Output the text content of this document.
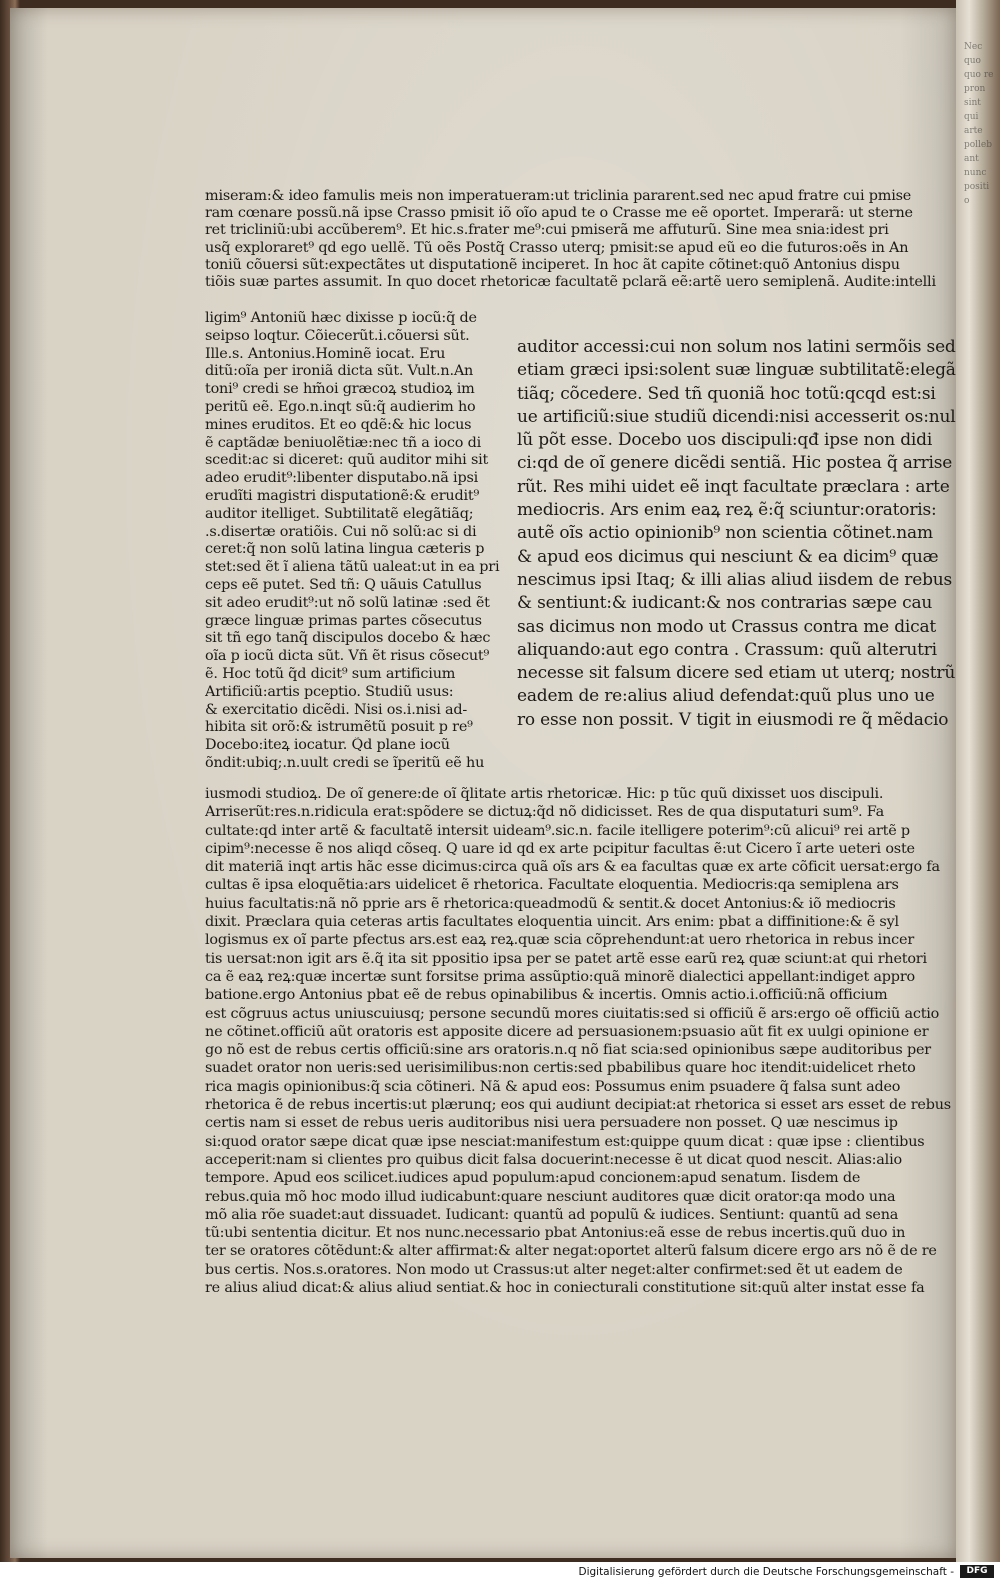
Nec quo quo re pron sint qui arte pollebant nunc positio
miseram:& ideo famulis meis non imperatueram:ut triclinia pararent.sed nec apud fratre cui pmise
ram cœnare possũ.nã ipse Crasso pmisit iõ oĩo apud te o Crasse me eẽ oportet. Imperarã: ut sterne
ret tricliniũ:ubi accũberem⁹. Et hic.s.frater me⁹:cui pmiserã me affuturũ. Sine mea snia:idest pri
usq̃ exploraret⁹ qd ego uellẽ. Tũ oẽs Postq̃ Crasso uterq; pmisit:se apud eũ eo die futuros:oẽs in An
toniũ cõuersi sũt:expectãtes ut disputationẽ inciperet. In hoc ãt capite cõtinet:quõ Antonius dispu
tiõis suæ partes assumit. In quo docet rhetoricæ facultatẽ pclarã eẽ:artẽ uero semiplenã. Audite:intelli
ligim⁹ Antoniũ hæc dixisse p iocũ:q̃ de
seipso loqtur. Cõiecerũt.i.cõuersi sũt.
Ille.s. Antonius.Hominẽ iocat. Eru
ditũ:oĩa per ironiã dicta sũt. Vult.n.An
toni⁹ credi se hm̃oi græcoꝝ studioꝝ im
peritũ eẽ. Ego.n.inqt sũ:q̃ audierim ho
mines eruditos. Et eo qdẽ:& hic locus
ẽ captãdæ beniuolẽtiæ:nec tñ a ioco di
scedit:ac si diceret: quũ auditor mihi sit
adeo erudit⁹:libenter disputabo.nã ipsi
erudĩti magistri disputationẽ:& erudit⁹
auditor itelliget. Subtilitatẽ elegãtiãq;
.s.disertæ oratiõis. Cui nõ solũ:ac si di
ceret:q̃ non solũ latina lingua cæteris p
stet:sed ẽt ĩ aliena tãtũ ualeat:ut in ea pri
ceps eẽ putet. Sed tñ: Q uãuis Catullus
sit adeo erudit⁹:ut nõ solũ latinæ :sed ẽt
græce linguæ primas partes cõsecutus
sit tñ ego tanq̃ discipulos docebo & hæc
oĩa p iocũ dicta sũt. Vñ ẽt risus cõsecut⁹
ẽ. Hoc totũ q̃d dicit⁹ sum artificium
Artificiũ:artis pceptio. Studiũ usus:
& exercitatio dicẽdi. Nisi os.i.nisi ad-
hibita sit orõ:& istrumẽtũ posuit p re⁹
Docebo:iteꝝ iocatur. Q̃d plane iocũ
õndit:ubiq;.n.uult credi se ĩperitũ eẽ hu
auditor accessi:cui non solum nos latini sermõis sed
etiam græci ipsi:solent suæ linguæ subtilitatẽ:elegã
tiãq; cõcedere. Sed tñ quoniã hoc totũ:qcqd est:si
ue artificiũ:siue studiũ dicendi:nisi accesserit os:nul
lũ põt esse. Docebo uos discipuli:qđ ipse non didi
ci:qd de oĩ genere dicẽdi sentiã. Hic postea q̃ arrise
rũt. Res mihi uidet eẽ inqt facultate præclara : arte
mediocris. Ars enim eaꝝ reꝝ ẽ:q̃ sciuntur:oratoris:
autẽ oĩs actio opinionib⁹ non scientia cõtinet.nam
& apud eos dicimus qui nesciunt & ea dicim⁹ quæ
nescimus ipsi Itaq; & illi alias aliud iisdem de rebus
& sentiunt:& iudicant:& nos contrarias sæpe cau
sas dicimus non modo ut Crassus contra me dicat
aliquando:aut ego contra . Crassum: quũ alterutri
necesse sit falsum dicere sed etiam ut uterq; nostrũ
eadem de re:alius aliud defendat:quũ plus uno ue
ro esse non possit. V tigit in eiusmodi re q̃ mẽdacio
iusmodi studioꝝ. De oĩ genere:de oĩ q̃litate artis rhetoricæ. Hic: p tũc quũ dixisset uos discipuli.
Arriserũt:res.n.ridicula erat:spõdere se dictuꝝ:q̃d nõ didicisset. Res de qua disputaturi sum⁹. Fa
cultate:qd inter artẽ & facultatẽ intersit uideam⁹.sic.n. facile itelligere poterim⁹:cũ alicui⁹ rei artẽ p
cipim⁹:necesse ẽ nos aliqd cõseq. Q uare id qd ex arte pcipitur facultas ẽ:ut Cicero ĩ arte ueteri oste
dit materiã inqt artis hãc esse dicimus:circa quã oĩs ars & ea facultas quæ ex arte cõficit uersat:ergo fa
cultas ẽ ipsa eloquẽtia:ars uidelicet ẽ rhetorica. Facultate eloquentia. Mediocris:qa semiplena ars
huius facultatis:nã nõ pprie ars ẽ rhetorica:queadmodũ & sentit.& docet Antonius:& iõ mediocris
dixit. Præclara quia ceteras artis facultates eloquentia uincit. Ars enim: pbat a diffinitione:& ẽ syl
logismus ex oĩ parte pfectus ars.est eaꝝ reꝝ.quæ scia cõprehendunt:at uero rhetorica in rebus incer
tis uersat:non igit ars ẽ.q̃ ita sit ppositio ipsa per se patet artẽ esse earũ reꝝ quæ sciunt:at qui rhetori
ca ẽ eaꝝ reꝝ:quæ incertæ sunt forsitse prima assũptio:quã minorẽ dialectici appellant:indiget appro
batione.ergo Antonius pbat eẽ de rebus opinabilibus & incertis. Omnis actio.i.officiũ:nã officium
est cõgruus actus uniuscuiusq; persone secundũ mores ciuitatis:sed si officiũ ẽ ars:ergo oẽ officiũ actio
ne cõtinet.officiũ aũt oratoris est apposite dicere ad persuasionem:psuasio aũt fit ex uulgi opinione er
go nõ est de rebus certis officiũ:sine ars oratoris.n.q nõ fiat scia:sed opinionibus sæpe auditoribus per
suadet orator non ueris:sed uerisimilibus:non certis:sed pbabilibus quare hoc itendit:uidelicet rheto
rica magis opinionibus:q̃ scia cõtineri. Nã & apud eos: Possumus enim psuadere q̃ falsa sunt adeo
rhetorica ẽ de rebus incertis:ut plærunq; eos qui audiunt decipiat:at rhetorica si esset ars esset de rebus
certis nam si esset de rebus ueris auditoribus nisi uera persuadere non posset. Q uæ nescimus ip
si:quod orator sæpe dicat quæ ipse nesciat:manifestum est:quippe quum dicat : quæ ipse : clientibus
acceperit:nam si clientes pro quibus dicit falsa docuerint:necesse ẽ ut dicat quod nescit. Alias:alio
tempore. Apud eos scilicet.iudices apud populum:apud concionem:apud senatum. Iisdem de
rebus.quia mõ hoc modo illud iudicabunt:quare nesciunt auditores quæ dicit orator:qa modo una
mõ alia rõe suadet:aut dissuadet. Iudicant: quantũ ad populũ & iudices. Sentiunt: quantũ ad sena
tũ:ubi sententia dicitur. Et nos nunc.necessario pbat Antonius:eã esse de rebus incertis.quũ duo in
ter se oratores cõtẽdunt:& alter affirmat:& alter negat:oportet alterũ falsum dicere ergo ars nõ ẽ de re
bus certis. Nos.s.oratores. Non modo ut Crassus:ut alter neget:alter confirmet:sed ẽt ut eadem de
re alius aliud dicat:& alius aliud sentiat.& hoc in coniecturali constitutione sit:quũ alter instat esse fa
Digitalisierung gefördert durch die Deutsche Forschungsgemeinschaft -	DFG
